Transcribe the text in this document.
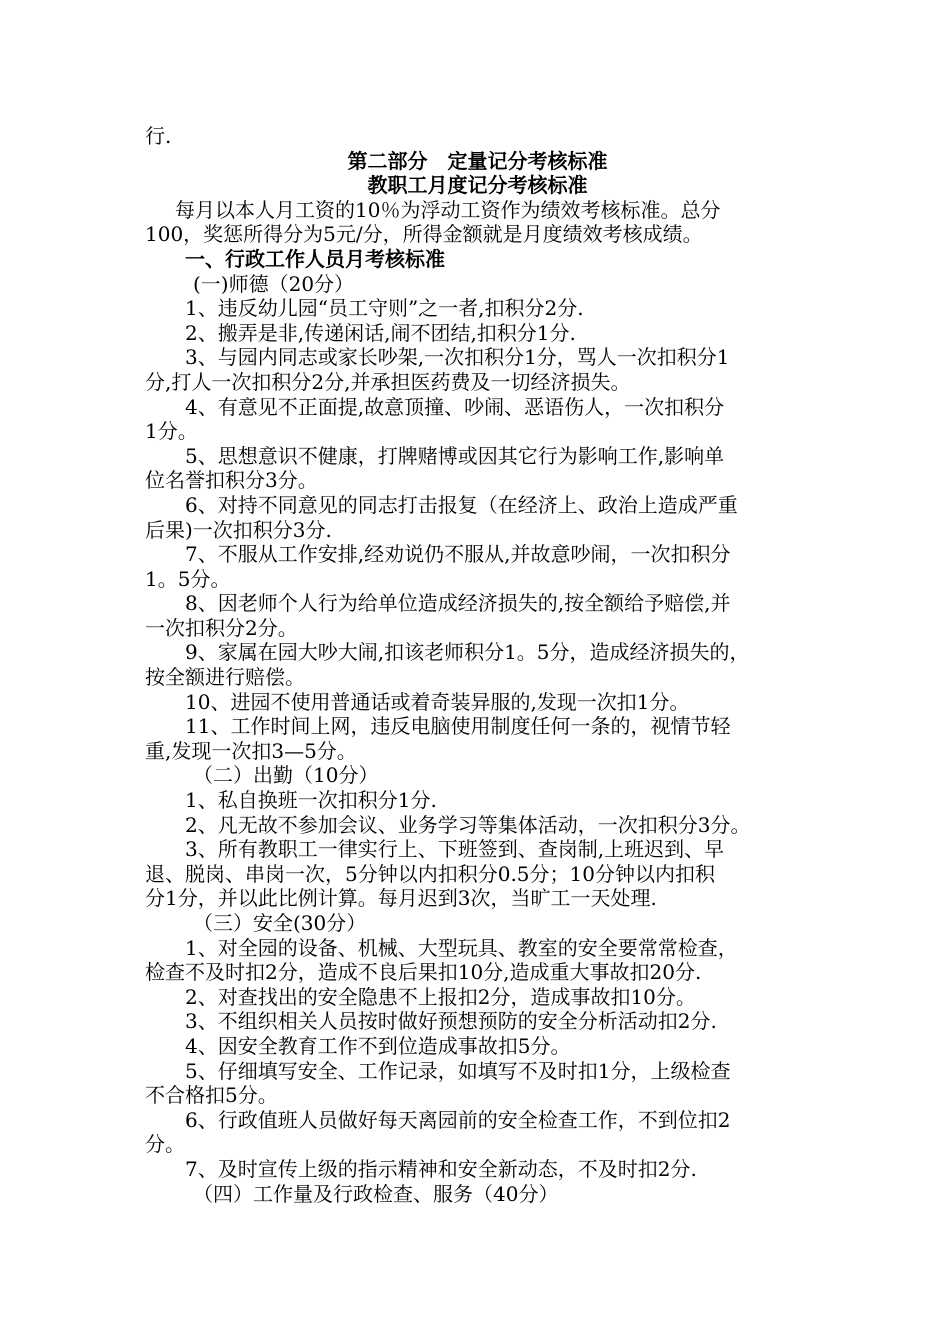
行.
第二部分　定量记分考核标准
教职工月度记分考核标准
每月以本人月工资的10％为浮动工资作为绩效考核标准。总分
100，奖惩所得分为5元/分，所得金额就是月度绩效考核成绩。
一、行政工作人员月考核标准
(一)师德（20分）
1、违反幼儿园“员工守则”之一者,扣积分2分.
2、搬弄是非,传递闲话,闹不团结,扣积分1分.
3、与园内同志或家长吵架,一次扣积分1分，骂人一次扣积分1
分,打人一次扣积分2分,并承担医药费及一切经济损失。
4、有意见不正面提,故意顶撞、吵闹、恶语伤人，一次扣积分
1分。
5、思想意识不健康，打牌赌博或因其它行为影响工作,影响单
位名誉扣积分3分。
6、对持不同意见的同志打击报复（在经济上、政治上造成严重
后果)一次扣积分3分.
7、不服从工作安排,经劝说仍不服从,并故意吵闹，一次扣积分
1。5分。
8、因老师个人行为给单位造成经济损失的,按全额给予赔偿,并
一次扣积分2分。
9、家属在园大吵大闹,扣该老师积分1。5分，造成经济损失的，
按全额进行赔偿。
10、进园不使用普通话或着奇装异服的,发现一次扣1分。
11、工作时间上网，违反电脑使用制度任何一条的，视情节轻
重,发现一次扣3—5分。
（二）出勤（10分）
1、私自换班一次扣积分1分.
2、凡无故不参加会议、业务学习等集体活动，一次扣积分3分。
3、所有教职工一律实行上、下班签到、查岗制,上班迟到、早
退、脱岗、串岗一次，5分钟以内扣积分0.5分；10分钟以内扣积
分1分，并以此比例计算。每月迟到3次，当旷工一天处理.
（三）安全(30分）
1、对全园的设备、机械、大型玩具、教室的安全要常常检查，
检查不及时扣2分，造成不良后果扣10分,造成重大事故扣20分.
2、对查找出的安全隐患不上报扣2分，造成事故扣10分。
3、不组织相关人员按时做好预想预防的安全分析活动扣2分.
4、因安全教育工作不到位造成事故扣5分。
5、仔细填写安全、工作记录，如填写不及时扣1分，上级检查
不合格扣5分。
6、行政值班人员做好每天离园前的安全检查工作，不到位扣2
分。
7、及时宣传上级的指示精神和安全新动态，不及时扣2分.
（四）工作量及行政检查、服务（40分）
